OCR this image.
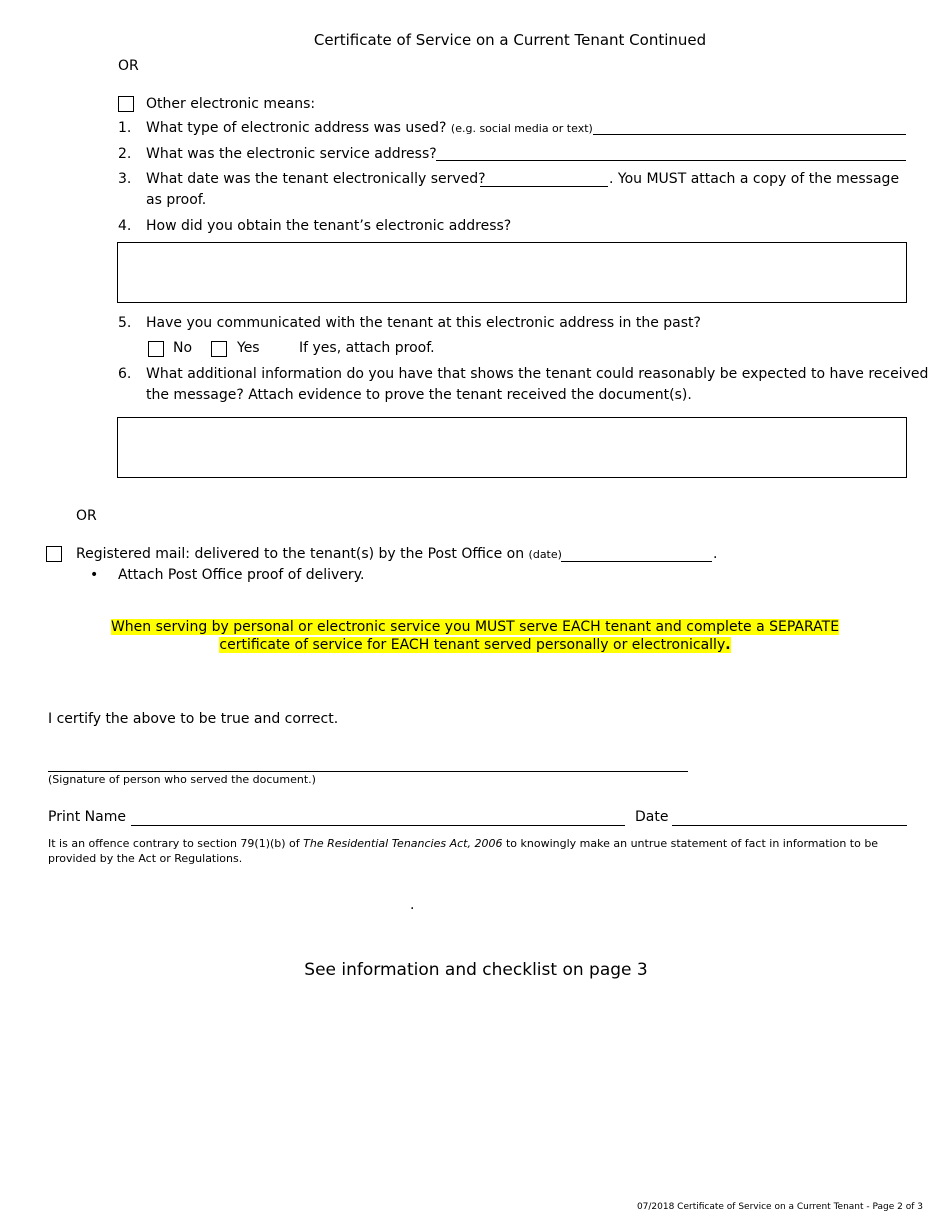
Certificate of Service on a Current Tenant Continued
OR
Other electronic means:
1. What type of electronic address was used? (e.g. social media or text)
2. What was the electronic service address?
3. What date was the tenant electronically served?	. You MUST attach a copy of the message
as proof.
4. How did you obtain the tenant’s electronic address?
5. Have you communicated with the tenant at this electronic address in the past?
No	Yes	If yes, attach proof.
6. What additional information do you have that shows the tenant could reasonably be expected to have received
the message? Attach evidence to prove the tenant received the document(s).
OR
Registered mail: delivered to the tenant(s) by the Post Office on (date)	.
• Attach Post Office proof of delivery.
When serving by personal or electronic service you MUST serve EACH tenant and complete a SEPARATE
certificate of service for EACH tenant served personally or electronically.
I certify the above to be true and correct.
(Signature of person who served the document.)
Print Name	Date
It is an offence contrary to section 79(1)(b) of The Residential Tenancies Act, 2006 to knowingly make an untrue statement of fact in information to be
provided by the Act or Regulations.
.
See information and checklist on page 3
07/2018 Certificate of Service on a Current Tenant - Page 2 of 3
